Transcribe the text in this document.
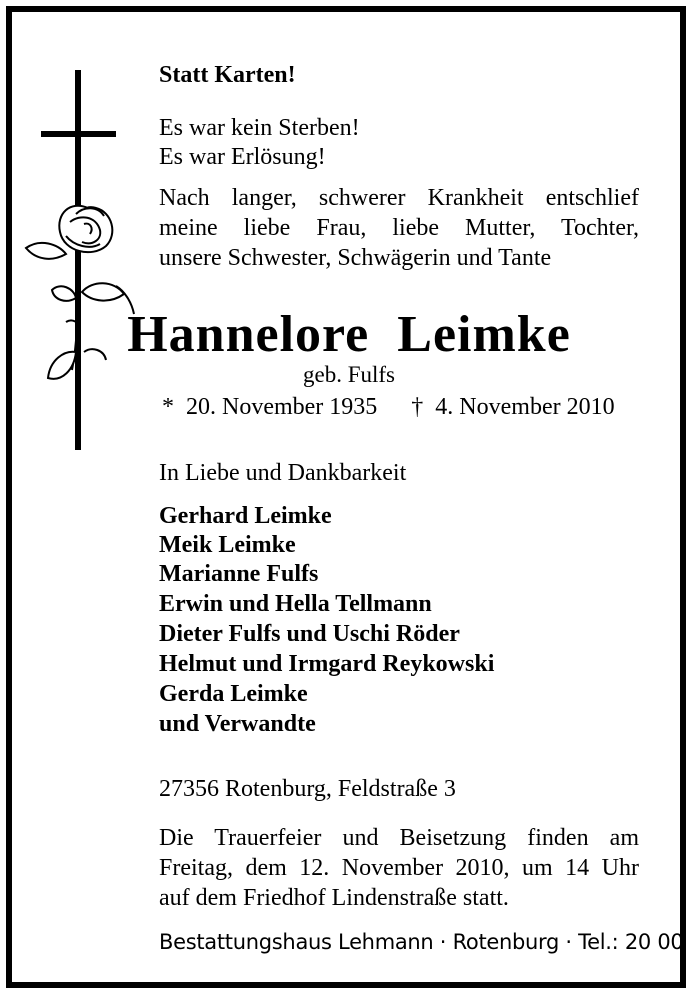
Statt Karten!
Es war kein Sterben!
Es war Erlösung!
Nach langer, schwerer Krankheit entschlief
meine liebe Frau, liebe Mutter, Tochter,
unsere Schwester, Schwägerin und Tante
Hannelore  Leimke
geb. Fulfs
* 20. November 1935 † 4. November 2010
In Liebe und Dankbarkeit
Gerhard Leimke
Meik Leimke
Marianne Fulfs
Erwin und Hella Tellmann
Dieter Fulfs und Uschi Röder
Helmut und Irmgard Reykowski
Gerda Leimke
und Verwandte
27356 Rotenburg, Feldstraße 3
Die Trauerfeier und Beisetzung finden am
Freitag, dem 12. November 2010, um 14 Uhr
auf dem Friedhof Lindenstraße statt.
Bestattungshaus Lehmann · Rotenburg · Tel.: 20 00
